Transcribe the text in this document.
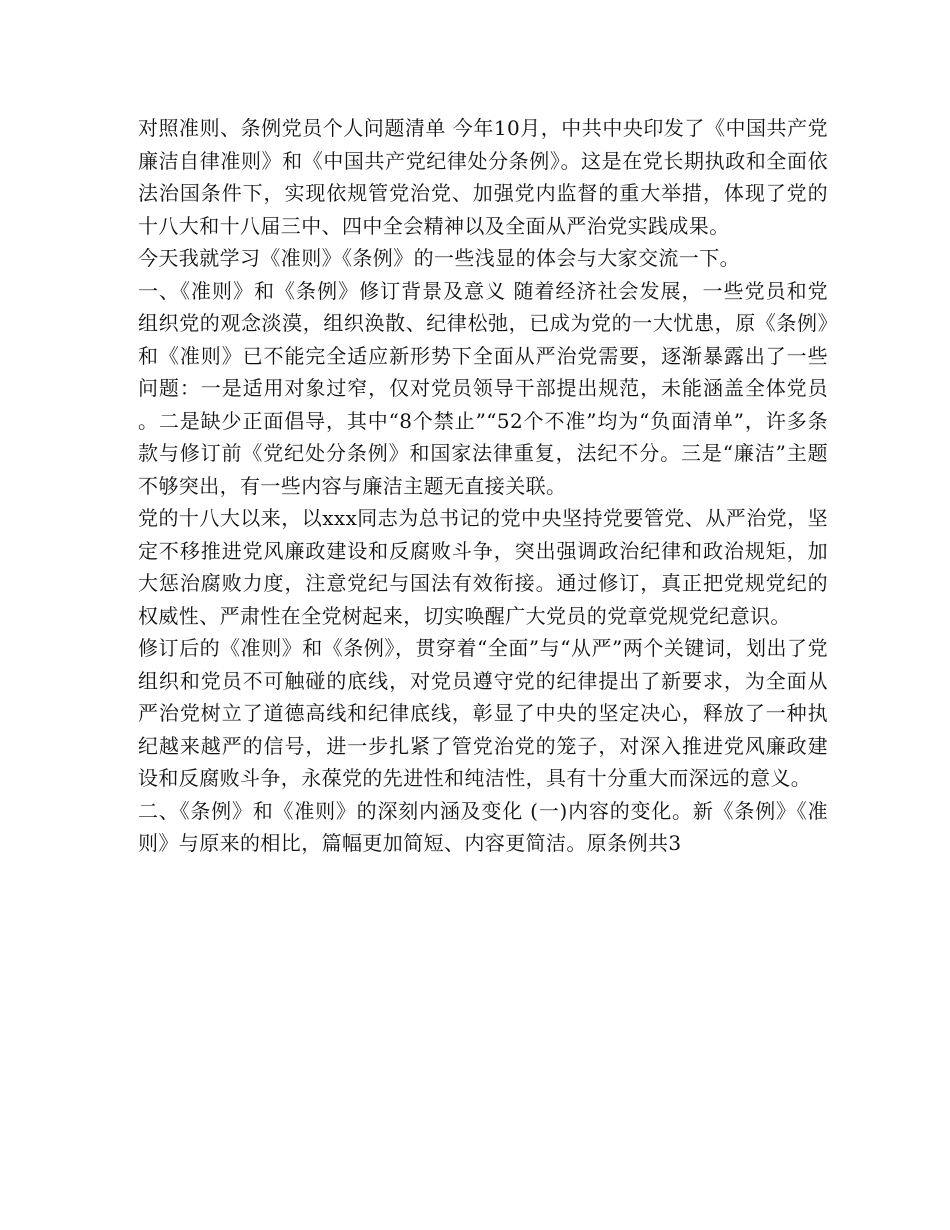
对照准则、条例党员个人问题清单 今年10月，中共中央印发了《中国共产党廉洁自律准则》和《中国共产党纪律处分条例》。这是在党长期执政和全面依法治国条件下，实现依规管党治党、加强党内监督的重大举措，体现了党的十八大和十八届三中、四中全会精神以及全面从严治党实践成果。

今天我就学习《准则》《条例》的一些浅显的体会与大家交流一下。

一、《准则》和《条例》修订背景及意义 随着经济社会发展，一些党员和党组织党的观念淡漠，组织涣散、纪律松弛，已成为党的一大忧患，原《条例》和《准则》已不能完全适应新形势下全面从严治党需要，逐渐暴露出了一些问题：一是适用对象过窄，仅对党员领导干部提出规范，未能涵盖全体党员。二是缺少正面倡导，其中“8个禁止”“52个不准”均为“负面清单”，许多条款与修订前《党纪处分条例》和国家法律重复，法纪不分。三是“廉洁”主题不够突出，有一些内容与廉洁主题无直接关联。

党的十八大以来，以xxx同志为总书记的党中央坚持党要管党、从严治党，坚定不移推进党风廉政建设和反腐败斗争，突出强调政治纪律和政治规矩，加大惩治腐败力度，注意党纪与国法有效衔接。通过修订，真正把党规党纪的权威性、严肃性在全党树起来，切实唤醒广大党员的党章党规党纪意识。

修订后的《准则》和《条例》，贯穿着“全面”与“从严”两个关键词，划出了党组织和党员不可触碰的底线，对党员遵守党的纪律提出了新要求，为全面从严治党树立了道德高线和纪律底线，彰显了中央的坚定决心，释放了一种执纪越来越严的信号，进一步扎紧了管党治党的笼子，对深入推进党风廉政建设和反腐败斗争，永葆党的先进性和纯洁性，具有十分重大而深远的意义。

二、《条例》和《准则》的深刻内涵及变化 (一)内容的变化。新《条例》《准则》与原来的相比，篇幅更加简短、内容更简洁。原条例共3
